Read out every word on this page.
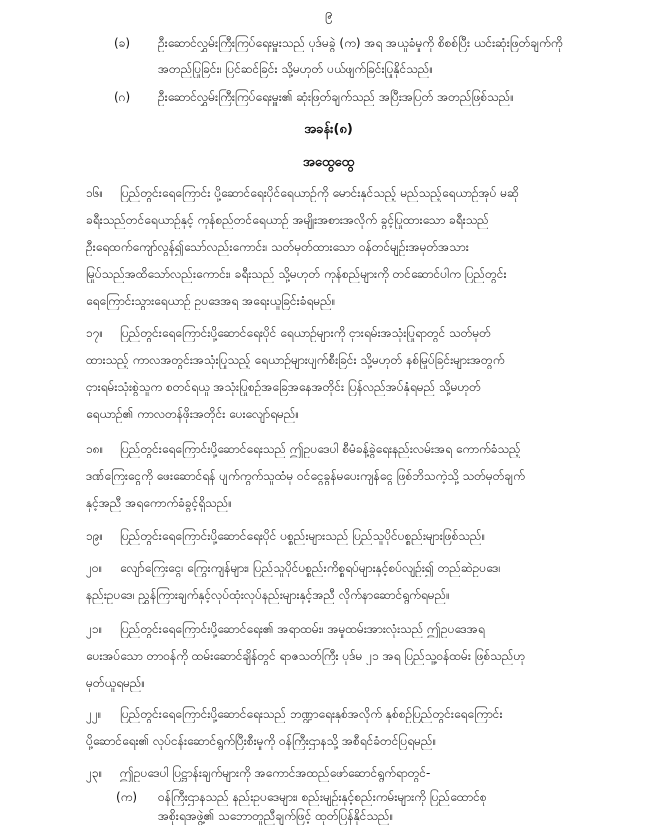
၉
(ခ) ဦးဆောင်လွှမ်းကြီးကြပ်ရေးမှူးသည် ပုဒ်မခွဲ (က) အရ အယူခံမှုကို စိစစ်ပြီး ယင်းဆုံးဖြတ်ချက်ကို
အတည်ပြုခြင်း၊ ပြင်ဆင်ခြင်း သို့မဟုတ် ပယ်ဖျက်ခြင်းပြုနိုင်သည်။
(ဂ) ဦးဆောင်လွှမ်းကြီးကြပ်ရေးမှူး၏ ဆုံးဖြတ်ချက်သည် အပြီးအပြတ် အတည်ဖြစ်သည်။
အခန်း(၈)
အထွေထွေ
၁၆။ ပြည်တွင်းရေကြောင်း ပို့ဆောင်ရေးပိုင်ရေယာဉ်ကို မောင်းနှင်သည့် မည်သည့်ရေယာဉ်အုပ် မဆို
ခရီးသည်တင်ရေယာဉ်နှင့် ကုန်စည်တင်ရေယာဉ် အမျိုးအစားအလိုက် ခွင့်ပြုထားသော ခရီးသည်
ဦးရေထက်ကျော်လွန်၍သော်လည်းကောင်း၊ သတ်မှတ်ထားသော ဝန်တင်မျဉ်းအမှတ်အသား
မြုပ်သည်အထိသော်လည်းကောင်း၊ ခရီးသည် သို့မဟုတ် ကုန်စည်များကို တင်ဆောင်ပါက ပြည်တွင်း
ရေကြောင်းသွားရေယာဉ် ဥပဒေအရ အရေးယူခြင်းခံရမည်။
၁၇။ ပြည်တွင်းရေကြောင်းပို့ဆောင်ရေးပိုင် ရေယာဉ်များကို ငှားရမ်းအသုံးပြုရာတွင် သတ်မှတ်
ထားသည့် ကာလအတွင်းအသုံးပြုသည့် ရေယာဉ်များပျက်စီးခြင်း သို့မဟုတ် နစ်မြုပ်ခြင်းများအတွက်
ငှားရမ်းသုံးစွဲသူက စတင်ရယူ အသုံးပြုစဉ်အခြေအနေအတိုင်း ပြန်လည်အပ်နှံရမည် သို့မဟုတ်
ရေယာဉ်၏ ကာလတန်ဖိုးအတိုင်း ပေးလျော်ရမည်။
၁၈။ ပြည်တွင်းရေကြောင်းပို့ဆောင်ရေးသည် ဤဥပဒေပါ စီမံခန့်ခွဲရေးနည်းလမ်းအရ ကောက်ခံသည့်
ဒဏ်ကြေးငွေကို ဖေးဆောင်ရန် ပျက်ကွက်သူထံမှ ဝင်ငွေခွန်မပေးကျန်ငွေ ဖြစ်ဘိသကဲ့သို့ သတ်မှတ်ချက်
နှင့်အညီ အရကောက်ခံခွင့်ရှိသည်။
၁၉။ ပြည်တွင်းရေကြောင်းပို့ဆောင်ရေးပိုင် ပစ္စည်းများသည် ပြည်သူပိုင်ပစ္စည်းများဖြစ်သည်။
၂၀။ လျော်ကြေးငွေ၊ ကြွေးကျန်များ၊ ပြည်သူပိုင်ပစ္စည်းကိစ္စရပ်များနှင့်စပ်လျဉ်း၍ တည်ဆဲဥပဒေ၊
နည်းဥပဒေ၊ ညွှန်ကြားချက်နှင့်လုပ်ထုံးလုပ်နည်းများနှင့်အညီ လိုက်နာဆောင်ရွက်ရမည်။
၂၁။ ပြည်တွင်းရေကြောင်းပို့ဆောင်ရေး၏ အရာထမ်း၊ အမှုထမ်းအားလုံးသည် ဤဥပဒေအရ
ပေးအပ်သော တာဝန်ကို ထမ်းဆောင်ချိန်တွင် ရာဇသတ်ကြီး ပုဒ်မ ၂၁ အရ ပြည်သူ့ဝန်ထမ်း ဖြစ်သည်ဟု
မှတ်ယူရမည်။
၂၂။ ပြည်တွင်းရေကြောင်းပို့ဆောင်ရေးသည် ဘဏ္ဍာရေးနှစ်အလိုက် နှစ်စဉ်ပြည်တွင်းရေကြောင်း
ပို့ဆောင်ရေး၏ လုပ်ငန်းဆောင်ရွက်ပြီးစီးမှုကို ဝန်ကြီးဌာနသို့ အစီရင်ခံတင်ပြရမည်။
၂၃။ ဤဥပဒေပါ ပြဋ္ဌာန်းချက်များကို အကောင်အထည်ဖော်ဆောင်ရွက်ရာတွင်-
(က) ဝန်ကြီးဌာနသည် နည်းဥပဒေများ၊ စည်းမျဉ်းနှင့်စည်းကမ်းများကို ပြည်ထောင်စု
အစိုးရအဖွဲ့၏ သဘောတူညီချက်ဖြင့် ထုတ်ပြန်နိုင်သည်။
